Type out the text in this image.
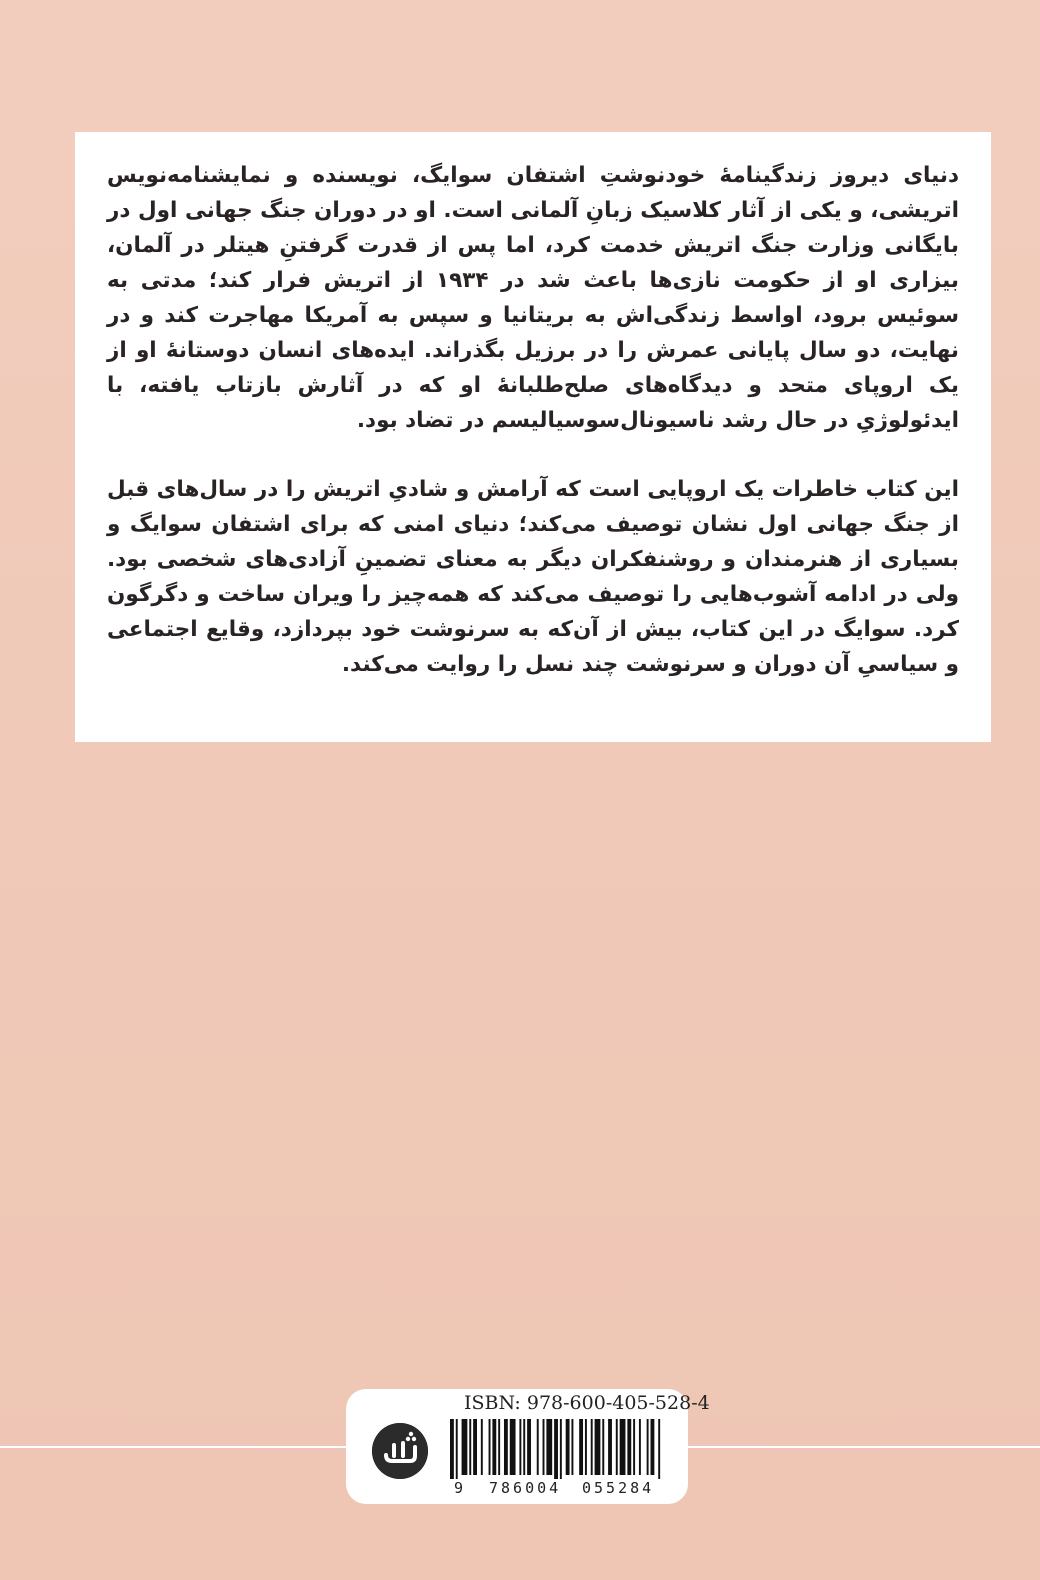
دنیای دیروز زندگینامهٔ خودنوشتِ اشتفان سوایگ، نویسنده و نمایشنامه‌نویس اتریشی، و یکی از آثار کلاسیک زبانِ آلمانی است. او در دوران جنگ جهانی اول در بایگانی وزارت جنگ اتریش خدمت کرد، اما پس از قدرت گرفتنِ هیتلر در آلمان، بیزاری او از حکومت نازی‌ها باعث شد در ۱۹۳۴ از اتریش فرار کند؛ مدتی به سوئیس برود، اواسط زندگی‌اش به بریتانیا و سپس به آمریکا مهاجرت کند و در نهایت، دو سال پایانی عمرش را در برزیل بگذراند. ایده‌های انسان دوستانهٔ او از یک اروپای متحد و دیدگاه‌های صلح‌طلبانهٔ او که در آثارش بازتاب یافته، با ایدئولوژیِ در حال رشد ناسیونال‌سوسیالیسم در تضاد بود.

این کتاب خاطرات یک اروپایی است که آرامش و شادیِ اتریش را در سال‌های قبل از جنگ جهانی اول نشان توصیف می‌کند؛ دنیای امنی که برای اشتفان سوایگ و بسیاری از هنرمندان و روشنفکران دیگر به معنای تضمینِ آزادی‌های شخصی بود. ولی در ادامه آشوب‌هایی را توصیف می‌کند که همه‌چیز را ویران ساخت و دگرگون کرد. سوایگ در این کتاب، بیش از آن‌که به سرنوشت خود بپردازد، وقایع اجتماعی و سیاسیِ آن دوران و سرنوشت چند نسل را روایت می‌کند.

ISBN: 978-600-405-528-4
9 786004 055284
